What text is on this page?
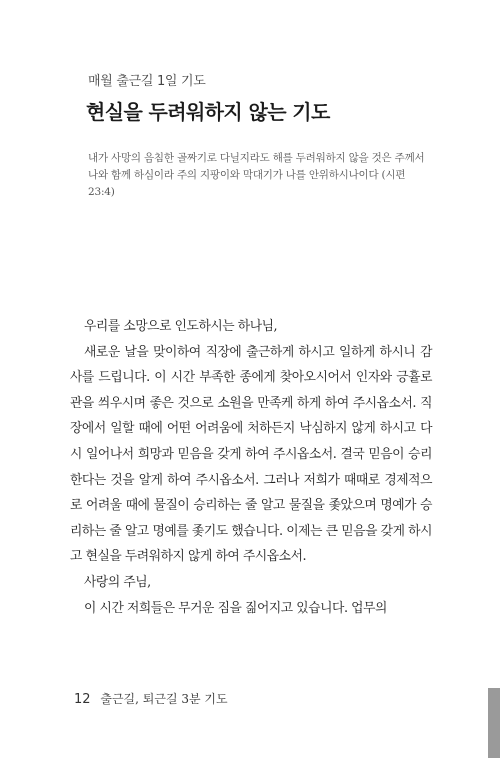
매월 출근길 1일 기도
현실을 두려워하지 않는 기도
내가 사망의 음침한 골짜기로 다닐지라도 해를 두려워하지 않을 것은 주께서 나와 함께 하심이라 주의 지팡이와 막대기가 나를 안위하시나이다 (시편 23:4)

우리를 소망으로 인도하시는 하나님,

새로운 날을 맞이하여 직장에 출근하게 하시고 일하게 하시니 감사를 드립니다. 이 시간 부족한 종에게 찾아오시어서 인자와 긍휼로 관을 씌우시며 좋은 것으로 소원을 만족케 하게 하여 주시옵소서. 직장에서 일할 때에 어떤 어려움에 처하든지 낙심하지 않게 하시고 다시 일어나서 희망과 믿음을 갖게 하여 주시옵소서. 결국 믿음이 승리 한다는 것을 알게 하여 주시옵소서. 그러나 저희가 때때로 경제적으로 어려울 때에 물질이 승리하는 줄 알고 물질을 좇았으며 명예가 승리하는 줄 알고 명예를 좇기도 했습니다. 이제는 큰 믿음을 갖게 하시고 현실을 두려워하지 않게 하여 주시옵소서.

사랑의 주님,

이 시간 저희들은 무거운 짐을 짊어지고 있습니다. 업무의

12 출근길, 퇴근길 3분 기도
